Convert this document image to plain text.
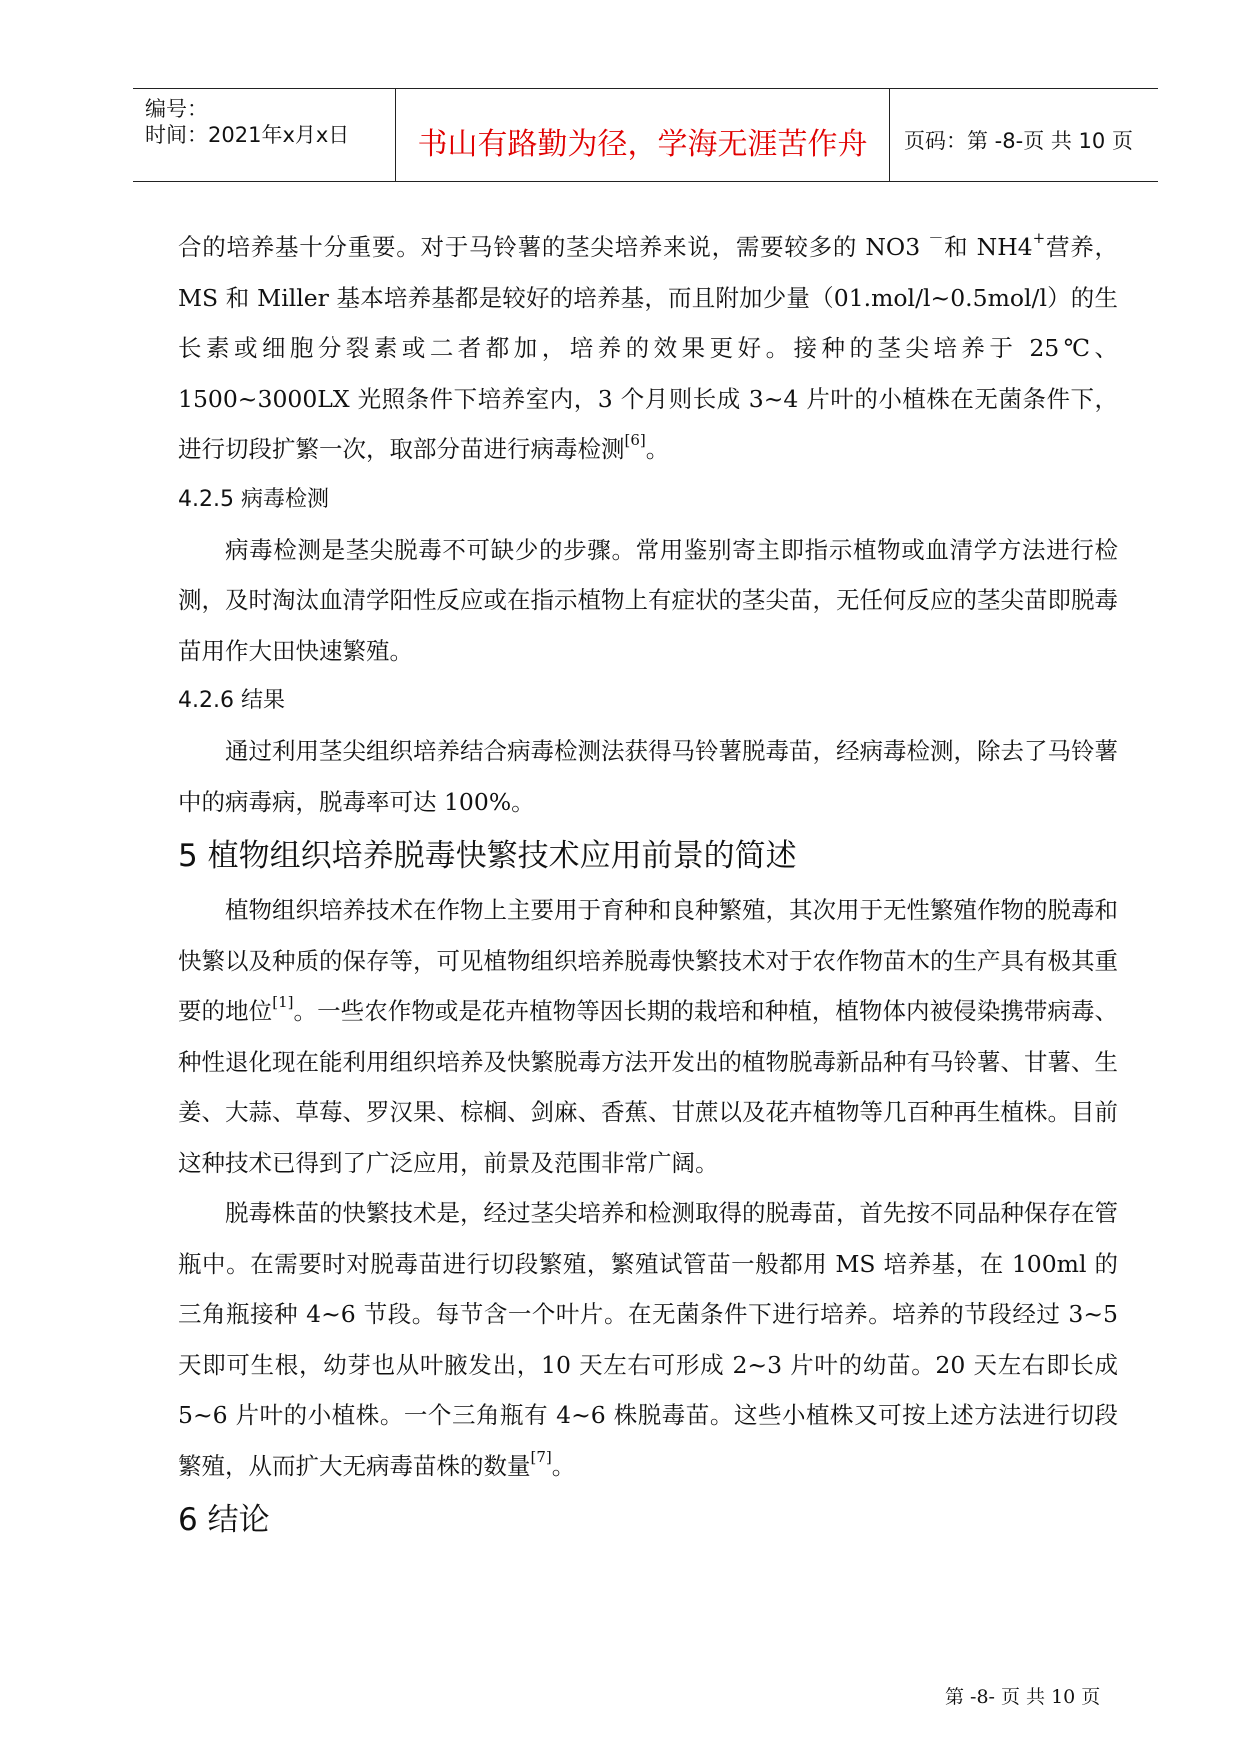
编号：
时间：2021年x月x日	书山有路勤为径，学海无涯苦作舟	页码：第 -8-页 共 10 页

合的培养基十分重要。对于马铃薯的茎尖培养来说，需要较多的 NO3 －和 NH4+营养，MS 和 Miller 基本培养基都是较好的培养基，而且附加少量（01.mol/l~0.5mol/l）的生长素或细胞分裂素或二者都加，培养的效果更好。接种的茎尖培养于 25℃、1500~3000LX 光照条件下培养室内，3 个月则长成 3~4 片叶的小植株在无菌条件下，进行切段扩繁一次，取部分苗进行病毒检测[6]。

4.2.5 病毒检测

病毒检测是茎尖脱毒不可缺少的步骤。常用鉴别寄主即指示植物或血清学方法进行检测，及时淘汰血清学阳性反应或在指示植物上有症状的茎尖苗，无任何反应的茎尖苗即脱毒苗用作大田快速繁殖。

4.2.6 结果

通过利用茎尖组织培养结合病毒检测法获得马铃薯脱毒苗，经病毒检测，除去了马铃薯中的病毒病，脱毒率可达 100%。

5 植物组织培养脱毒快繁技术应用前景的简述

植物组织培养技术在作物上主要用于育种和良种繁殖，其次用于无性繁殖作物的脱毒和快繁以及种质的保存等，可见植物组织培养脱毒快繁技术对于农作物苗木的生产具有极其重要的地位[1]。一些农作物或是花卉植物等因长期的栽培和种植，植物体内被侵染携带病毒、种性退化现在能利用组织培养及快繁脱毒方法开发出的植物脱毒新品种有马铃薯、甘薯、生姜、大蒜、草莓、罗汉果、棕榈、剑麻、香蕉、甘蔗以及花卉植物等几百种再生植株。目前这种技术已得到了广泛应用，前景及范围非常广阔。

脱毒株苗的快繁技术是，经过茎尖培养和检测取得的脱毒苗，首先按不同品种保存在管瓶中。在需要时对脱毒苗进行切段繁殖，繁殖试管苗一般都用 MS 培养基，在 100ml 的三角瓶接种 4~6 节段。每节含一个叶片。在无菌条件下进行培养。培养的节段经过 3~5 天即可生根，幼芽也从叶腋发出，10 天左右可形成 2~3 片叶的幼苗。20 天左右即长成 5~6 片叶的小植株。一个三角瓶有 4~6 株脱毒苗。这些小植株又可按上述方法进行切段繁殖，从而扩大无病毒苗株的数量[7]。

6 结论
第 -8- 页 共 10 页
